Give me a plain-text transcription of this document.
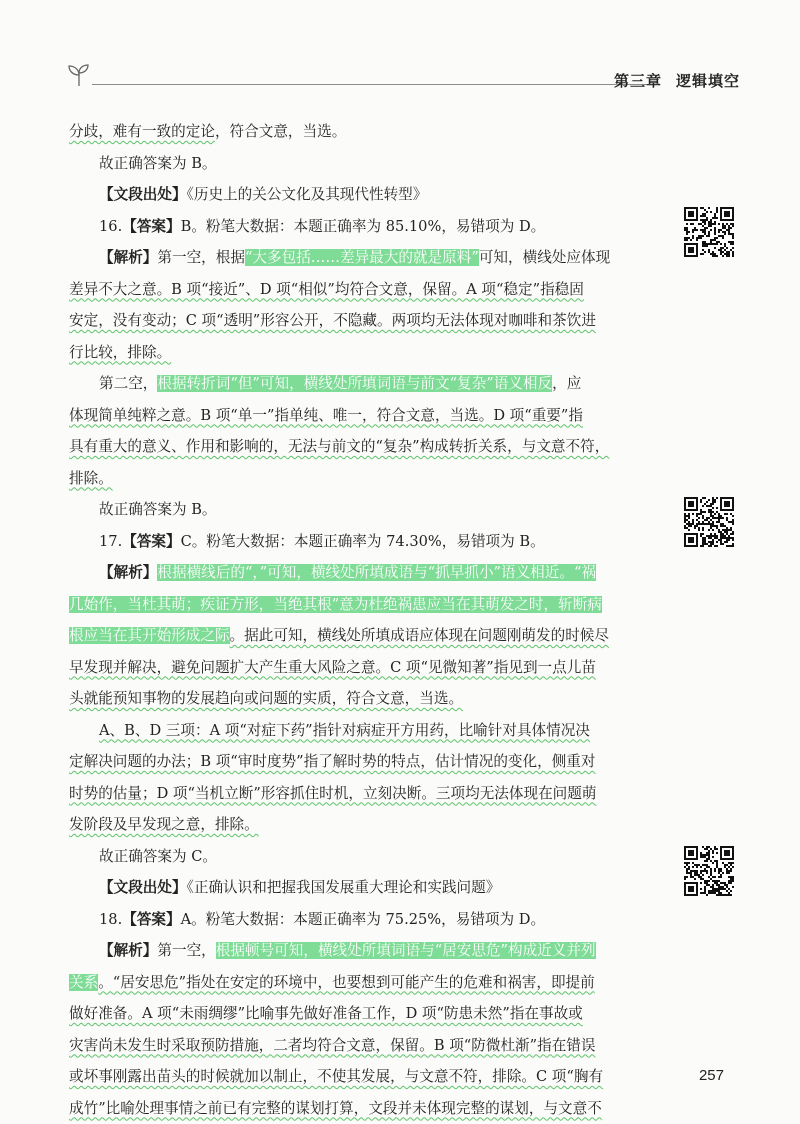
第三章 逻辑填空

分歧，难有一致的定论，符合文意，当选。

故正确答案为 B。

【文段出处】《历史上的关公文化及其现代性转型》

16.【答案】B。粉笔大数据：本题正确率为 85.10%，易错项为 D。

【解析】第一空，根据“大多包括……差异最大的就是原料”可知，横线处应体现

差异不大之意。B 项“接近”、D 项“相似”均符合文意，保留。A 项“稳定”指稳固

安定，没有变动；C 项“透明”形容公开，不隐藏。两项均无法体现对咖啡和茶饮进

行比较，排除。

第二空，根据转折词“但”可知，横线处所填词语与前文“复杂”语义相反，应

体现简单纯粹之意。B 项“单一”指单纯、唯一，符合文意，当选。D 项“重要”指

具有重大的意义、作用和影响的，无法与前文的“复杂”构成转折关系，与文意不符，

排除。

故正确答案为 B。

17.【答案】C。粉笔大数据：本题正确率为 74.30%，易错项为 B。

【解析】根据横线后的“，”可知，横线处所填成语与“抓早抓小”语义相近。“祸

几始作，当杜其萌；疾证方形，当绝其根”意为杜绝祸患应当在其萌发之时，斩断病

根应当在其开始形成之际。据此可知，横线处所填成语应体现在问题刚萌发的时候尽

早发现并解决，避免问题扩大产生重大风险之意。C 项“见微知著”指见到一点儿苗

头就能预知事物的发展趋向或问题的实质，符合文意，当选。

A、B、D 三项：A 项“对症下药”指针对病症开方用药，比喻针对具体情况决

定解决问题的办法；B 项“审时度势”指了解时势的特点，估计情况的变化，侧重对

时势的估量；D 项“当机立断”形容抓住时机，立刻决断。三项均无法体现在问题萌

发阶段及早发现之意，排除。

故正确答案为 C。

【文段出处】《正确认识和把握我国发展重大理论和实践问题》

18.【答案】A。粉笔大数据：本题正确率为 75.25%，易错项为 D。

【解析】第一空，根据顿号可知，横线处所填词语与“居安思危”构成近义并列

关系。“居安思危”指处在安定的环境中，也要想到可能产生的危难和祸害，即提前

做好准备。A 项“未雨绸缪”比喻事先做好准备工作，D 项“防患未然”指在事故或

灾害尚未发生时采取预防措施，二者均符合文意，保留。B 项“防微杜渐”指在错误

或坏事刚露出苗头的时候就加以制止，不使其发展，与文意不符，排除。C 项“胸有

成竹”比喻处理事情之前已有完整的谋划打算，文段并未体现完整的谋划，与文意不

257
